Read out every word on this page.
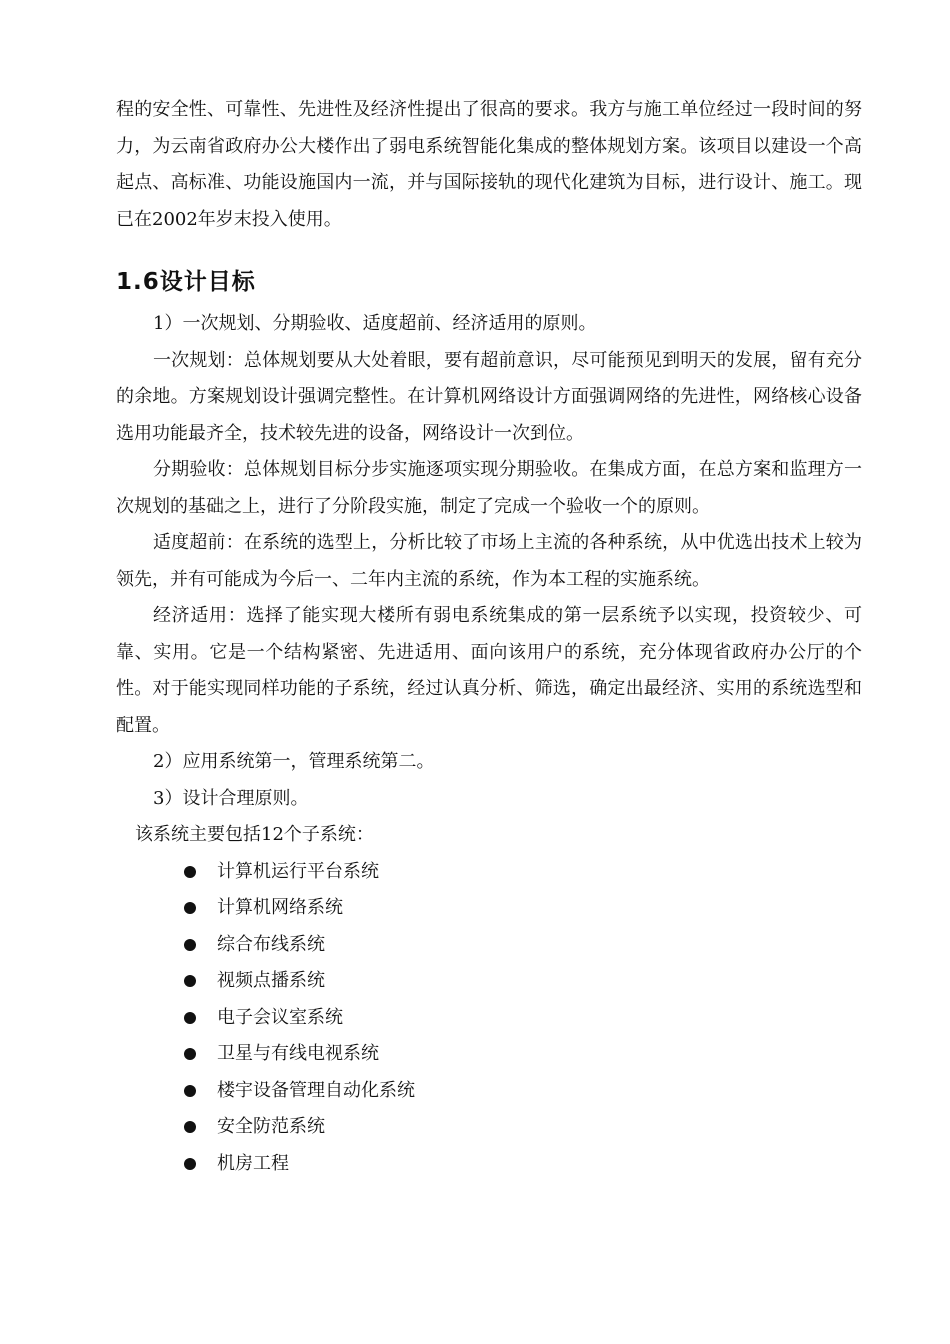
程的安全性、可靠性、先进性及经济性提出了很高的要求。我方与施工单位经过一段时间的努力，为云南省政府办公大楼作出了弱电系统智能化集成的整体规划方案。该项目以建设一个高起点、高标准、功能设施国内一流，并与国际接轨的现代化建筑为目标，进行设计、施工。现已在2002年岁末投入使用。

1.6设计目标

1）一次规划、分期验收、适度超前、经济适用的原则。

一次规划：总体规划要从大处着眼，要有超前意识，尽可能预见到明天的发展，留有充分的余地。方案规划设计强调完整性。在计算机网络设计方面强调网络的先进性，网络核心设备选用功能最齐全，技术较先进的设备，网络设计一次到位。

分期验收：总体规划目标分步实施逐项实现分期验收。在集成方面，在总方案和监理方一次规划的基础之上，进行了分阶段实施，制定了完成一个验收一个的原则。

适度超前：在系统的选型上，分析比较了市场上主流的各种系统，从中优选出技术上较为领先，并有可能成为今后一、二年内主流的系统，作为本工程的实施系统。

经济适用：选择了能实现大楼所有弱电系统集成的第一层系统予以实现，投资较少、可靠、实用。它是一个结构紧密、先进适用、面向该用户的系统，充分体现省政府办公厅的个性。对于能实现同样功能的子系统，经过认真分析、筛选，确定出最经济、实用的系统选型和配置。

2）应用系统第一，管理系统第二。

3）设计合理原则。

该系统主要包括12个子系统：

计算机运行平台系统
计算机网络系统
综合布线系统
视频点播系统
电子会议室系统
卫星与有线电视系统
楼宇设备管理自动化系统
安全防范系统
机房工程
